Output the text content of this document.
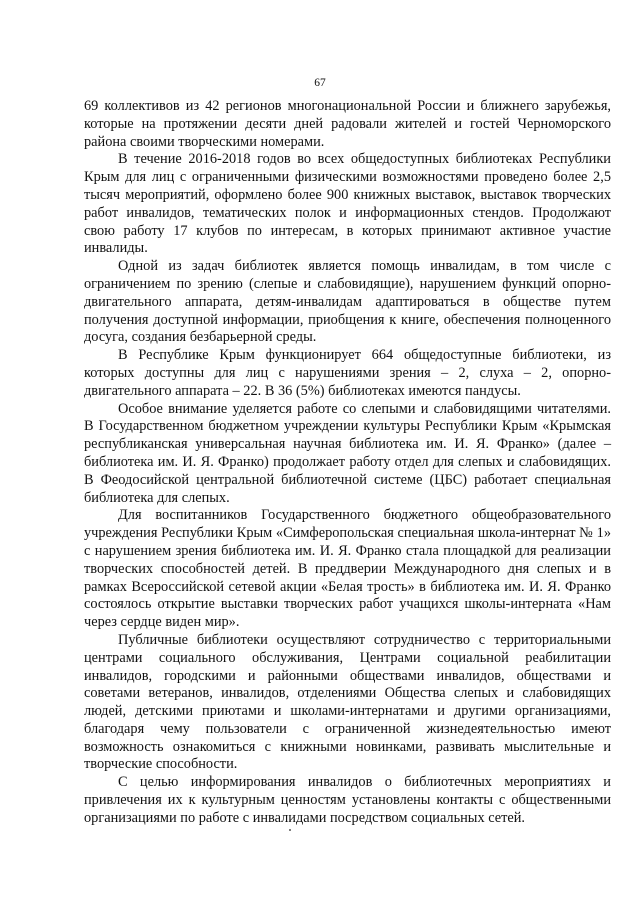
67

69 коллективов из 42 регионов многонациональной России и ближнего зарубежья, которые на протяжении десяти дней радовали жителей и гостей Черноморского района своими творческими номерами.

В течение 2016-2018 годов во всех общедоступных библиотеках Республики Крым для лиц с ограниченными физическими возможностями проведено более 2,5 тысяч мероприятий, оформлено более 900 книжных выставок, выставок творческих работ инвалидов, тематических полок и информационных стендов. Продолжают свою работу 17 клубов по интересам, в которых принимают активное участие инвалиды.

Одной из задач библиотек является помощь инвалидам, в том числе с ограничением по зрению (слепые и слабовидящие), нарушением функций опорно-двигательного аппарата, детям-инвалидам адаптироваться в обществе путем получения доступной информации, приобщения к книге, обеспечения полноценного досуга, создания безбарьерной среды.

В Республике Крым функционирует 664 общедоступные библиотеки, из которых доступны для лиц с нарушениями зрения – 2, слуха – 2, опорно-двигательного аппарата – 22. В 36 (5%) библиотеках имеются пандусы.

Особое внимание уделяется работе со слепыми и слабовидящими читателями. В Государственном бюджетном учреждении культуры Республики Крым «Крымская республиканская универсальная научная библиотека им. И. Я. Франко» (далее – библиотека им. И. Я. Франко) продолжает работу отдел для слепых и слабовидящих. В Феодосийской центральной библиотечной системе (ЦБС) работает специальная библиотека для слепых.

Для воспитанников Государственного бюджетного общеобразовательного учреждения Республики Крым «Симферопольская специальная школа-интернат № 1» с нарушением зрения библиотека им. И. Я. Франко стала площадкой для реализации творческих способностей детей. В преддверии Международного дня слепых и в рамках Всероссийской сетевой акции «Белая трость» в библиотека им. И. Я. Франко состоялось открытие выставки творческих работ учащихся школы-интерната «Нам через сердце виден мир».

Публичные библиотеки осуществляют сотрудничество с территориальными центрами социального обслуживания, Центрами социальной реабилитации инвалидов, городскими и районными обществами инвалидов, обществами и советами ветеранов, инвалидов, отделениями Общества слепых и слабовидящих людей, детскими приютами и школами-интернатами и другими организациями, благодаря чему пользователи с ограниченной жизнедеятельностью имеют возможность ознакомиться с книжными новинками, развивать мыслительные и творческие способности.

С целью информирования инвалидов о библиотечных мероприятиях и привлечения их к культурным ценностям установлены контакты с общественными организациями по работе с инвалидами посредством социальных сетей.
